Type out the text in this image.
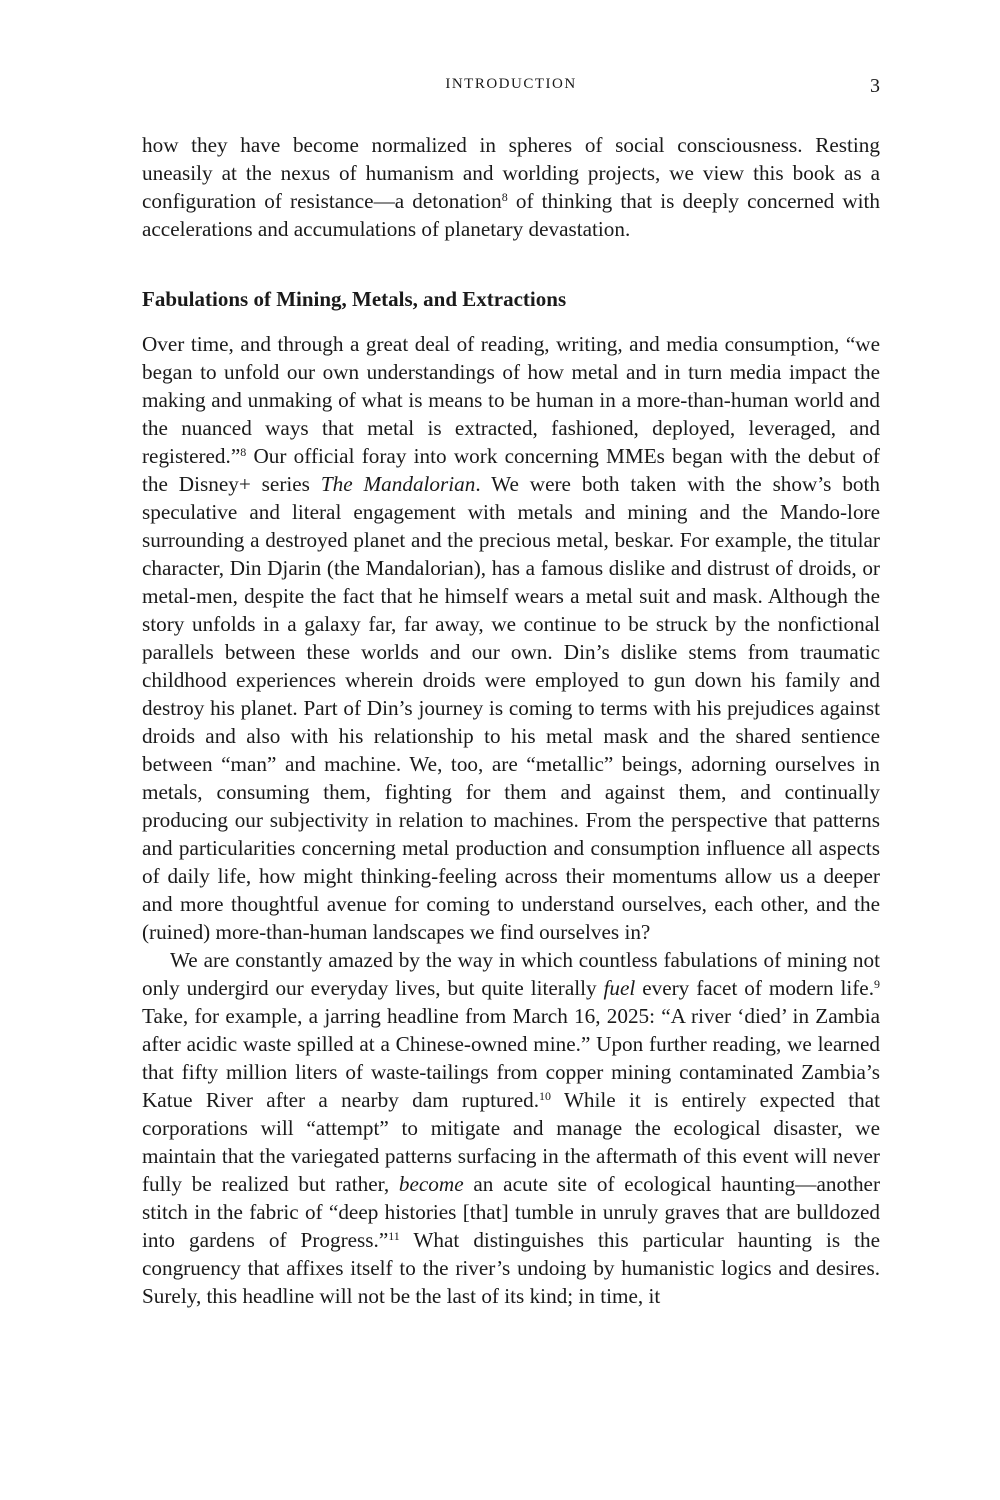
INTRODUCTION	3

how they have become normalized in spheres of social consciousness. Resting uneasily at the nexus of humanism and worlding projects, we view this book as a configuration of resistance—a detonation$^8$ of thinking that is deeply concerned with accelerations and accumulations of planetary devastation.

Fabulations of Mining, Metals, and Extractions

Over time, and through a great deal of reading, writing, and media consumption, “we began to unfold our own understandings of how metal and in turn media impact the making and unmaking of what is means to be human in a more-than-human world and the nuanced ways that metal is extracted, fashioned, deployed, leveraged, and registered.”$^8$ Our official foray into work concerning MMEs began with the debut of the Disney+ series The Mandalorian. We were both taken with the show’s both speculative and literal engagement with metals and mining and the Mando-lore surrounding a destroyed planet and the precious metal, beskar. For example, the titular character, Din Djarin (the Mandalorian), has a famous dislike and distrust of droids, or metal-men, despite the fact that he himself wears a metal suit and mask. Although the story unfolds in a galaxy far, far away, we continue to be struck by the nonfictional parallels between these worlds and our own. Din’s dislike stems from traumatic childhood experiences wherein droids were employed to gun down his family and destroy his planet. Part of Din’s journey is coming to terms with his prejudices against droids and also with his relationship to his metal mask and the shared sentience between “man” and machine. We, too, are “metallic” beings, adorning ourselves in metals, consuming them, fighting for them and against them, and continually producing our subjectivity in relation to machines. From the perspective that patterns and particularities concerning metal production and consumption influence all aspects of daily life, how might thinking-feeling across their momentums allow us a deeper and more thoughtful avenue for coming to understand ourselves, each other, and the (ruined) more-than-human landscapes we find ourselves in?

We are constantly amazed by the way in which countless fabulations of mining not only undergird our everyday lives, but quite literally fuel every facet of modern life.$^9$ Take, for example, a jarring headline from March 16, 2025: “A river ‘died’ in Zambia after acidic waste spilled at a Chinese-owned mine.” Upon further reading, we learned that fifty million liters of waste-tailings from copper mining contaminated Zambia’s Katue River after a nearby dam ruptured.$^{10}$ While it is entirely expected that corporations will “attempt” to mitigate and manage the ecological disaster, we maintain that the variegated patterns surfacing in the aftermath of this event will never fully be realized but rather, become an acute site of ecological haunting—another stitch in the fabric of “deep histories [that] tumble in unruly graves that are bulldozed into gardens of Progress.”$^{11}$ What distinguishes this particular haunting is the congruency that affixes itself to the river’s undoing by humanistic logics and desires. Surely, this headline will not be the last of its kind; in time, it
